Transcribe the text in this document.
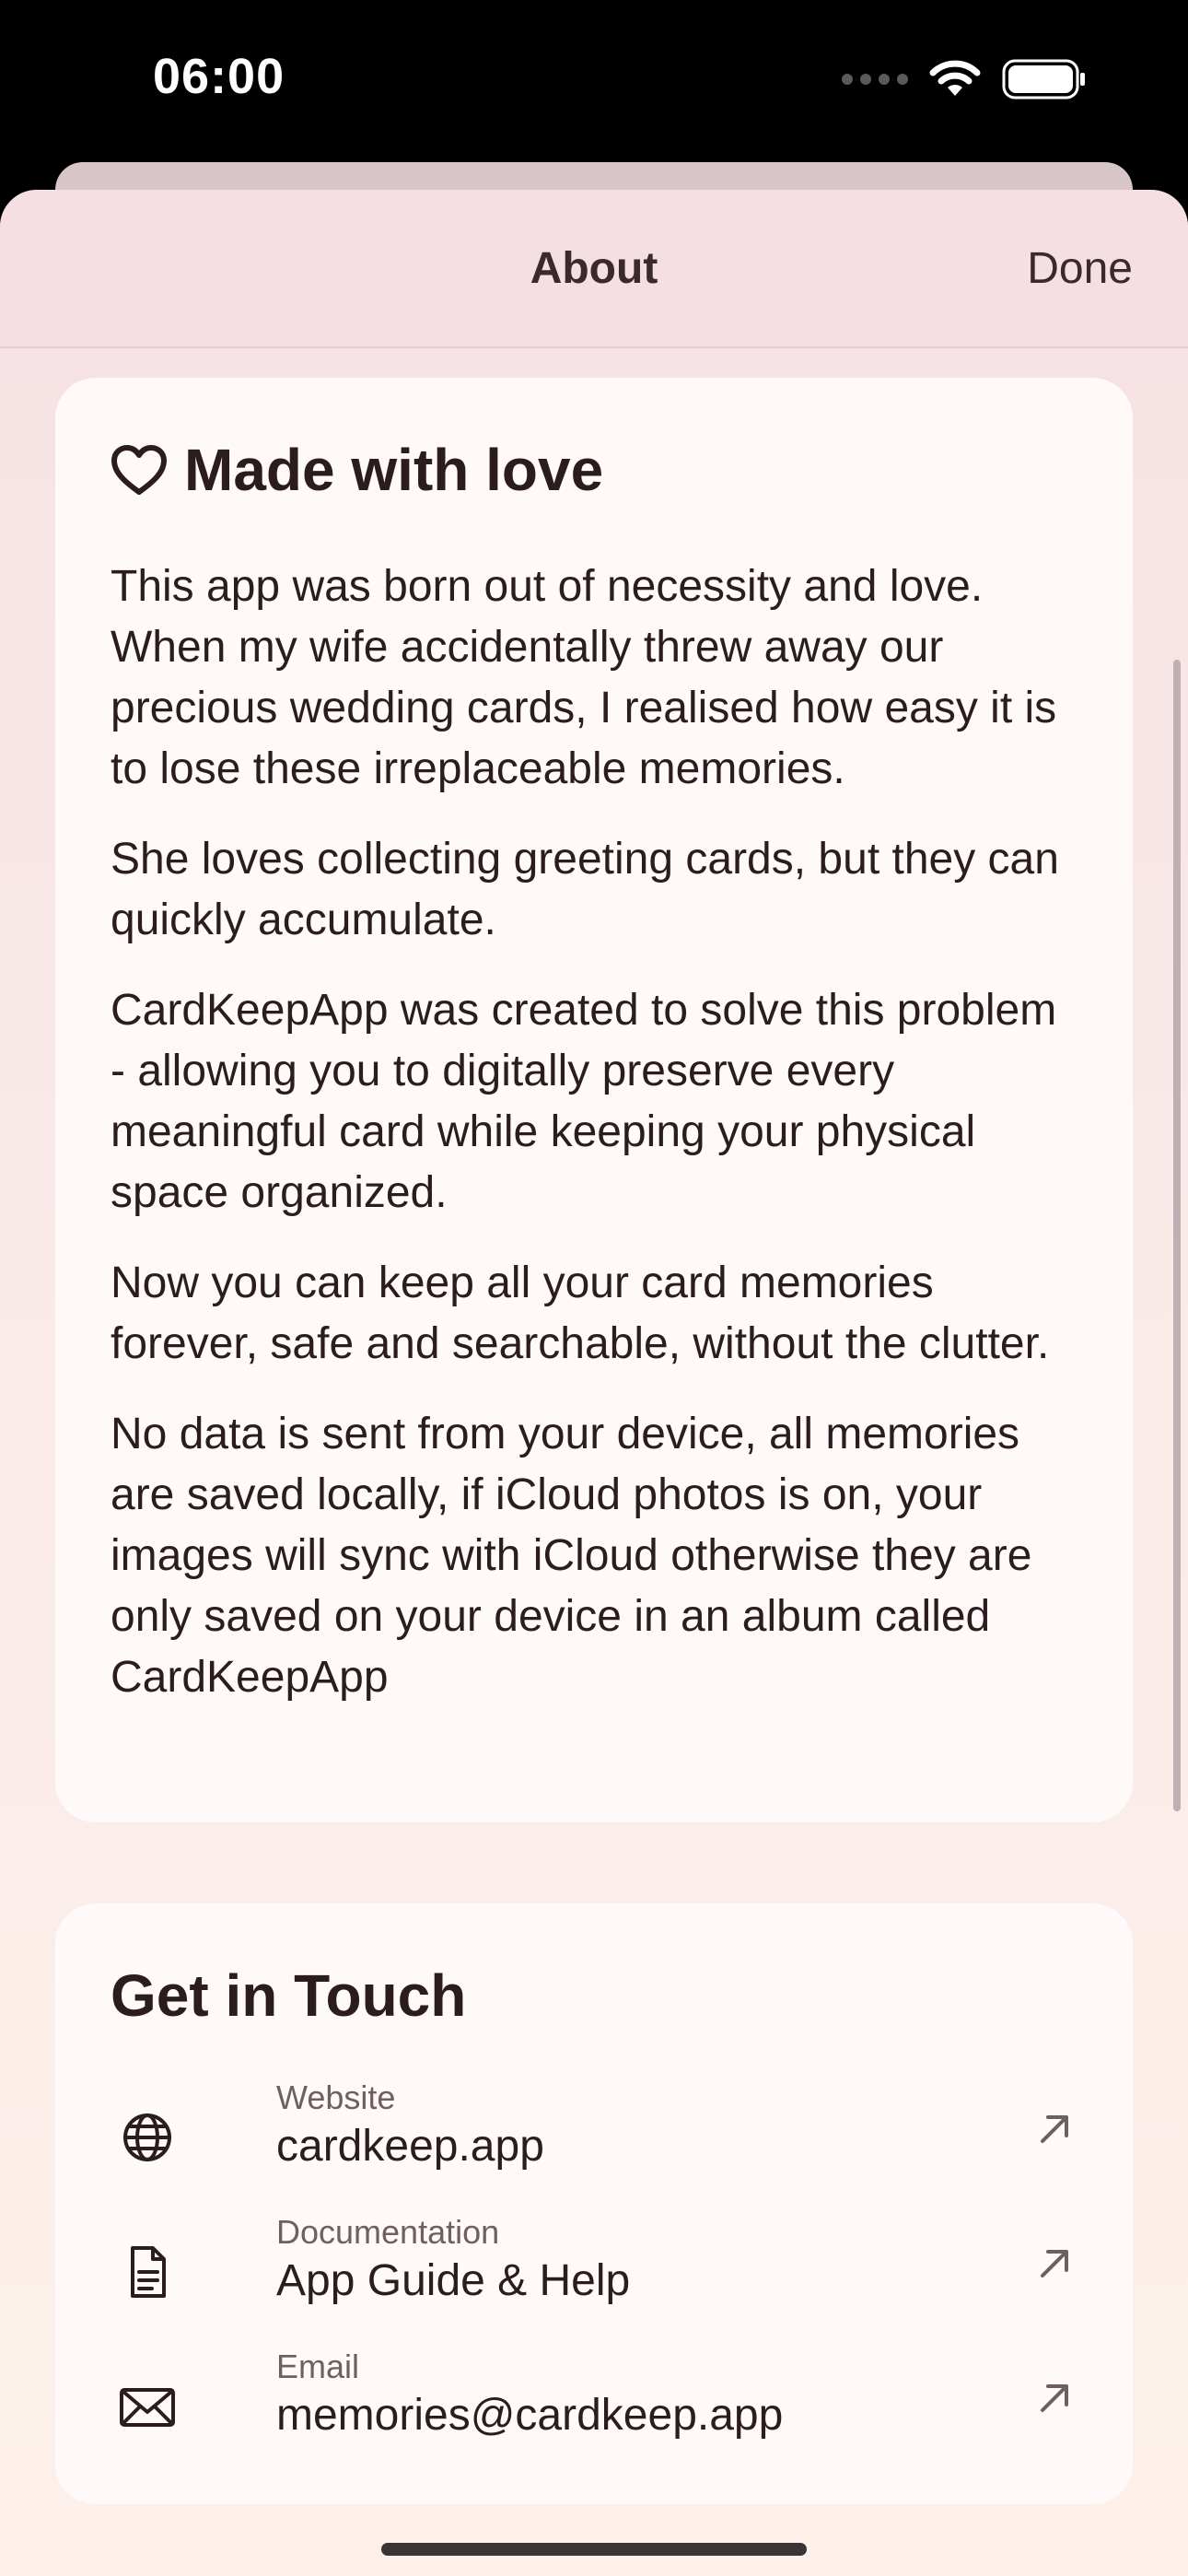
06:00
About	Done
Made with love

This app was born out of necessity and love. When my wife accidentally threw away our precious wedding cards, I realised how easy it is to lose these irreplaceable memories.

She loves collecting greeting cards, but they can quickly accumulate.

CardKeepApp was created to solve this problem - allowing you to digitally preserve every meaningful card while keeping your physical space organized.

Now you can keep all your card memories forever, safe and searchable, without the clutter.

No data is sent from your device, all memories are saved locally, if iCloud photos is on, your images will sync with iCloud otherwise they are only saved on your device in an album called CardKeepApp

Get in Touch
Website
cardkeep.app
Documentation
App Guide & Help
Email
memories@cardkeep.app
